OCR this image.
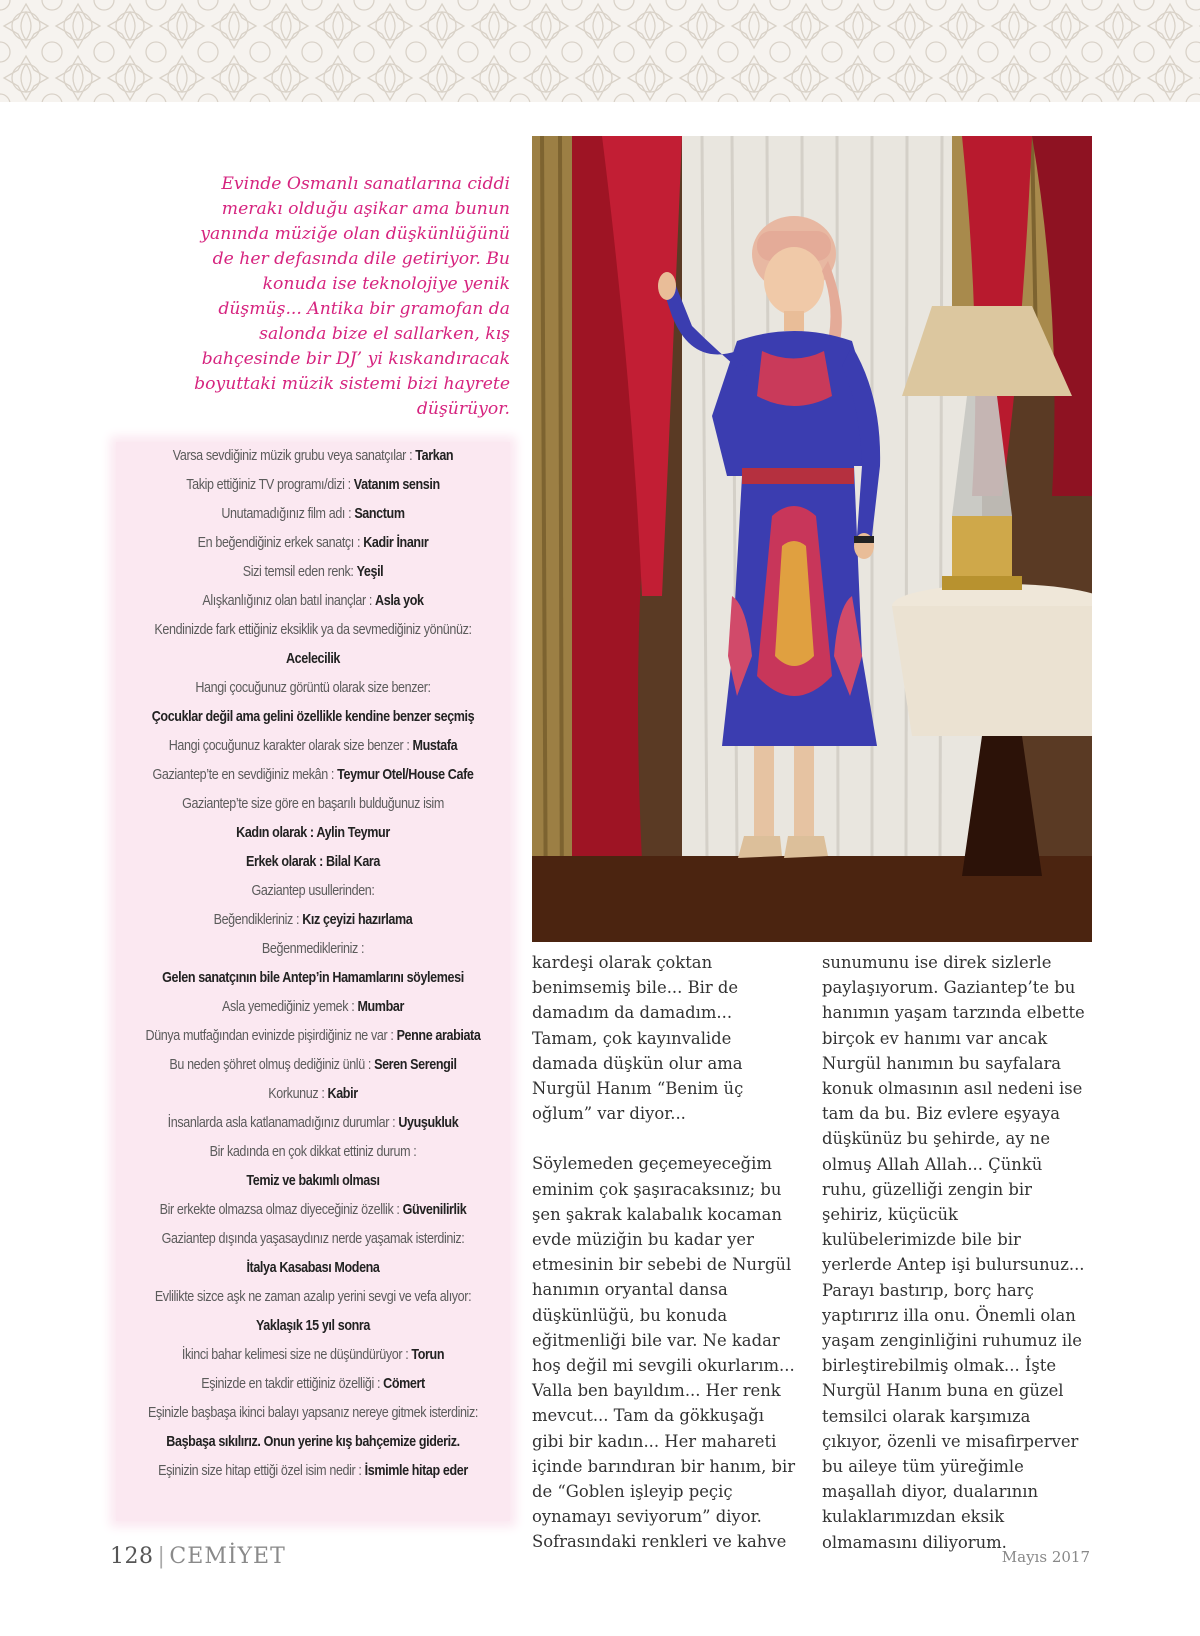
Evinde Osmanlı sanatlarına ciddi merakı olduğu aşikar ama bunun yanında müziğe olan düşkünlüğünü de her defasında dile getiriyor. Bu konuda ise teknolojiye yenik düşmüş... Antika bir gramofan da salonda bize el sallarken, kış bahçesinde bir DJ’ yi kıskandıracak boyuttaki müzik sistemi bizi hayrete düşürüyor.

Varsa sevdiğiniz müzik grubu veya sanatçılar : Tarkan
Takip ettiğiniz TV programı/dizi : Vatanım sensin
Unutamadığınız film adı : Sanctum
En beğendiğiniz erkek sanatçı : Kadir İnanır
Sizi temsil eden renk: Yeşil
Alışkanlığınız olan batıl inançlar : Asla yok
Kendinizde fark ettiğiniz eksiklik ya da sevmediğiniz yönünüz:
Acelecilik
Hangi çocuğunuz görüntü olarak size benzer:
Çocuklar değil ama gelini özellikle kendine benzer seçmiş
Hangi çocuğunuz karakter olarak size benzer : Mustafa
Gaziantep’te en sevdiğiniz mekân : Teymur Otel/House Cafe
Gaziantep’te size göre en başarılı bulduğunuz isim
Kadın olarak : Aylin Teymur
Erkek olarak : Bilal Kara
Gaziantep usullerinden:
Beğendikleriniz : Kız çeyizi hazırlama
Beğenmedikleriniz :
Gelen sanatçının bile Antep’in Hamamlarını söylemesi
Asla yemediğiniz yemek : Mumbar
Dünya mutfağından evinizde pişirdiğiniz ne var : Penne arabiata
Bu neden şöhret olmuş dediğiniz ünlü : Seren Serengil
Korkunuz : Kabir
İnsanlarda asla katlanamadığınız durumlar : Uyuşukluk
Bir kadında en çok dikkat ettiniz durum :
Temiz ve bakımlı olması
Bir erkekte olmazsa olmaz diyeceğiniz özellik : Güvenilirlik
Gaziantep dışında yaşasaydınız nerde yaşamak isterdiniz:
İtalya Kasabası Modena
Evlilikte sizce aşk ne zaman azalıp yerini sevgi ve vefa alıyor:
Yaklaşık 15 yıl sonra
İkinci bahar kelimesi size ne düşündürüyor : Torun
Eşinizde en takdir ettiğiniz özelliği : Cömert
Eşinizle başbaşa ikinci balayı yapsanız nereye gitmek isterdiniz:
Başbaşa sıkılırız. Onun yerine kış bahçemize gideriz.
Eşinizin size hitap ettiği özel isim nedir : İsmimle hitap eder

kardeşi olarak çoktan benimsemiş bile... Bir de damadım da damadım... Tamam, çok kayınvalide damada düşkün olur ama Nurgül Hanım “Benim üç oğlum” var diyor...

Söylemeden geçemeyeceğim eminim çok şaşıracaksınız; bu şen şakrak kalabalık kocaman evde müziğin bu kadar yer etmesinin bir sebebi de Nurgül hanımın oryantal dansa düşkünlüğü, bu konuda eğitmenliği bile var. Ne kadar hoş değil mi sevgili okurlarım... Valla ben bayıldım... Her renk mevcut... Tam da gökkuşağı gibi bir kadın... Her mahareti içinde barındıran bir hanım, bir de “Goblen işleyip peçiç oynamayı seviyorum” diyor. Sofrasındaki renkleri ve kahve

sunumunu ise direk sizlerle paylaşıyorum. Gaziantep’te bu hanımın yaşam tarzında elbette birçok ev hanımı var ancak Nurgül hanımın bu sayfalara konuk olmasının asıl nedeni ise tam da bu. Biz evlere eşyaya düşkünüz bu şehirde, ay ne olmuş Allah Allah... Çünkü ruhu, güzelliği zengin bir şehiriz, küçücük kulübelerimizde bile bir yerlerde Antep işi bulursunuz... Parayı bastırıp, borç harç yaptırırız illa onu. Önemli olan yaşam zenginliğini ruhumuz ile birleştirebilmiş olmak... İşte Nurgül Hanım buna en güzel temsilci olarak karşımıza çıkıyor, özenli ve misafirperver bu aileye tüm yüreğimle maşallah diyor, dualarının kulaklarımızdan eksik olmamasını diliyorum.

128 | CEMİYET	Mayıs 2017
